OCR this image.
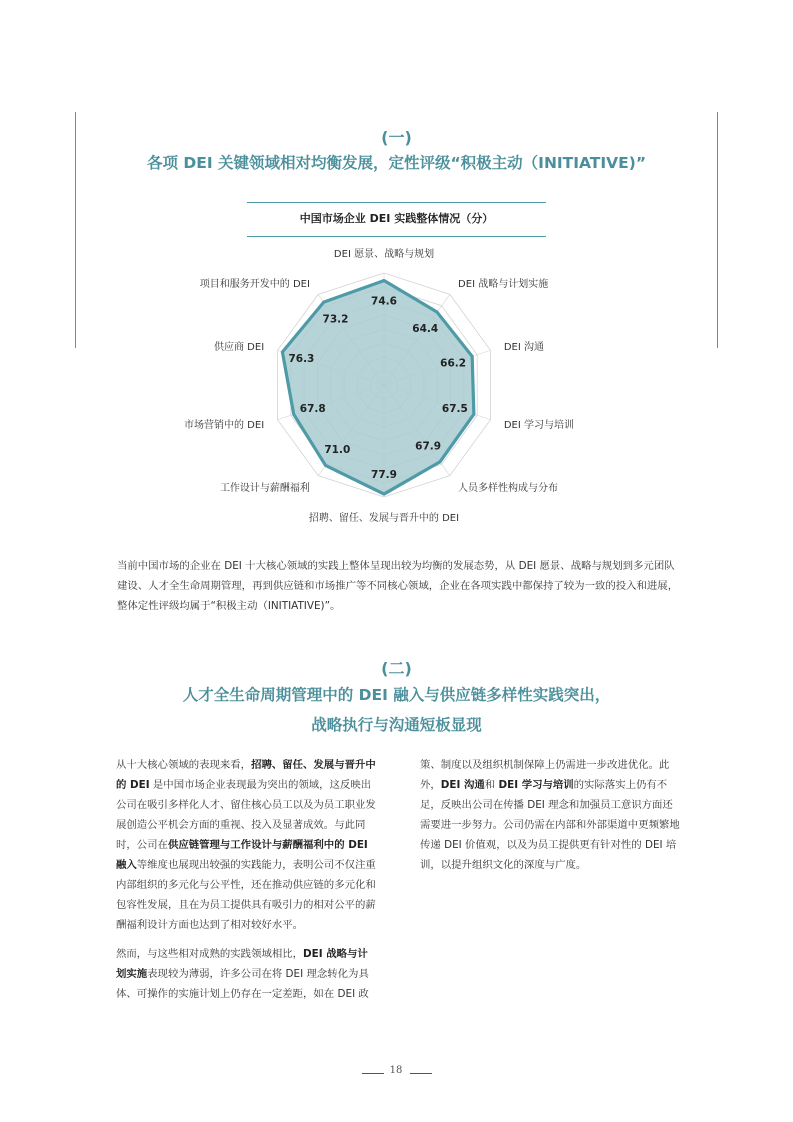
(一)
各项 DEI 关键领域相对均衡发展，定性评级“积极主动（INITIATIVE)”
中国市场企业 DEI 实践整体情况（分）
74.6
64.4
66.2
67.5
67.9
77.9
71.0
67.8
76.3
73.2
DEI 愿景、战略与规划
DEI 战略与计划实施
DEI 沟通
DEI 学习与培训
人员多样性构成与分布
招聘、留任、发展与晋升中的 DEI
工作设计与薪酬福利
市场营销中的 DEI
供应商 DEI
项目和服务开发中的 DEI

当前中国市场的企业在 DEI 十大核心领域的实践上整体呈现出较为均衡的发展态势，从 DEI 愿景、战略与规划到多元团队建设、人才全生命周期管理，再到供应链和市场推广等不同核心领域，企业在各项实践中都保持了较为一致的投入和进展，整体定性评级均属于“积极主动（INITIATIVE)”。

(二)
人才全生命周期管理中的 DEI 融入与供应链多样性实践突出，
战略执行与沟通短板显现

从十大核心领域的表现来看，招聘、留任、发展与晋升中的 DEI 是中国市场企业表现最为突出的领域，这反映出公司在吸引多样化人才、留住核心员工以及为员工职业发展创造公平机会方面的重视、投入及显著成效。与此同时，公司在供应链管理与工作设计与薪酬福利中的 DEI 融入等维度也展现出较强的实践能力，表明公司不仅注重内部组织的多元化与公平性，还在推动供应链的多元化和包容性发展，且在为员工提供具有吸引力的相对公平的薪酬福利设计方面也达到了相对较好水平。

然而，与这些相对成熟的实践领域相比，DEI 战略与计划实施表现较为薄弱，许多公司在将 DEI 理念转化为具体、可操作的实施计划上仍存在一定差距，如在 DEI 政

策、制度以及组织机制保障上仍需进一步改进优化。此外，DEI 沟通和 DEI 学习与培训的实际落实上仍有不足，反映出公司在传播 DEI 理念和加强员工意识方面还需要进一步努力。公司仍需在内部和外部渠道中更频繁地传递 DEI 价值观，以及为员工提供更有针对性的 DEI 培训，以提升组织文化的深度与广度。

18
